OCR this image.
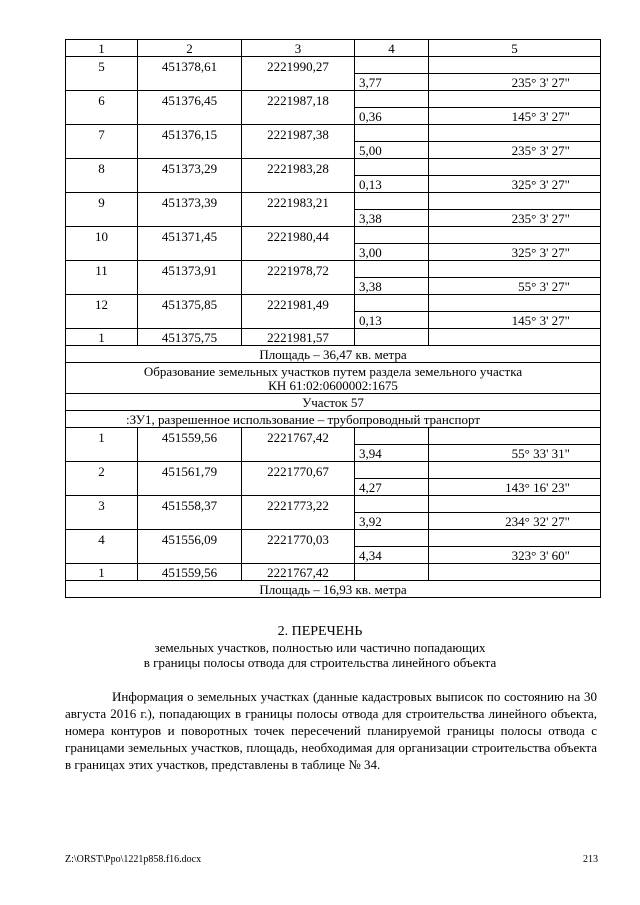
1	2	3	4	5
5	451378,61	2221990,27		
			3,77	235° 3' 27"
6	451376,45	2221987,18		
			0,36	145° 3' 27"
7	451376,15	2221987,38		
			5,00	235° 3' 27"
8	451373,29	2221983,28		
			0,13	325° 3' 27"
9	451373,39	2221983,21		
			3,38	235° 3' 27"
10	451371,45	2221980,44		
			3,00	325° 3' 27"
11	451373,91	2221978,72		
			3,38	55° 3' 27"
12	451375,85	2221981,49		
			0,13	145° 3' 27"
1	451375,75	2221981,57		
Площадь – 36,47 кв. метра				

Образование земельных участков путем раздела земельного участка
КН 61:02:0600002:1675				

Участок 57				
:ЗУ1, разрешенное использование – трубопроводный транспорт				
1	451559,56	2221767,42		
			3,94	55° 33' 31"
2	451561,79	2221770,67		
			4,27	143° 16' 23"
3	451558,37	2221773,22		
			3,92	234° 32' 27"
4	451556,09	2221770,03		
			4,34	323° 3' 60"
1	451559,56	2221767,42		
Площадь – 16,93 кв. метра				
2. ПЕРЕЧЕНЬ
земельных участков, полностью или частично попадающих
в границы полосы отвода для строительства линейного объекта

Информация о земельных участках (данные кадастровых выписок по состоянию на 30 августа 2016 г.), попадающих в границы полосы отвода для строительства линейного объекта, номера контуров и поворотных точек пересечений планируемой границы полосы отвода с границами земельных участков, площадь, необходимая для организации строительства объекта в границах этих участков, представлены в таблице № 34.

Z:\ORST\Ppo\1221p858.f16.docx	213
